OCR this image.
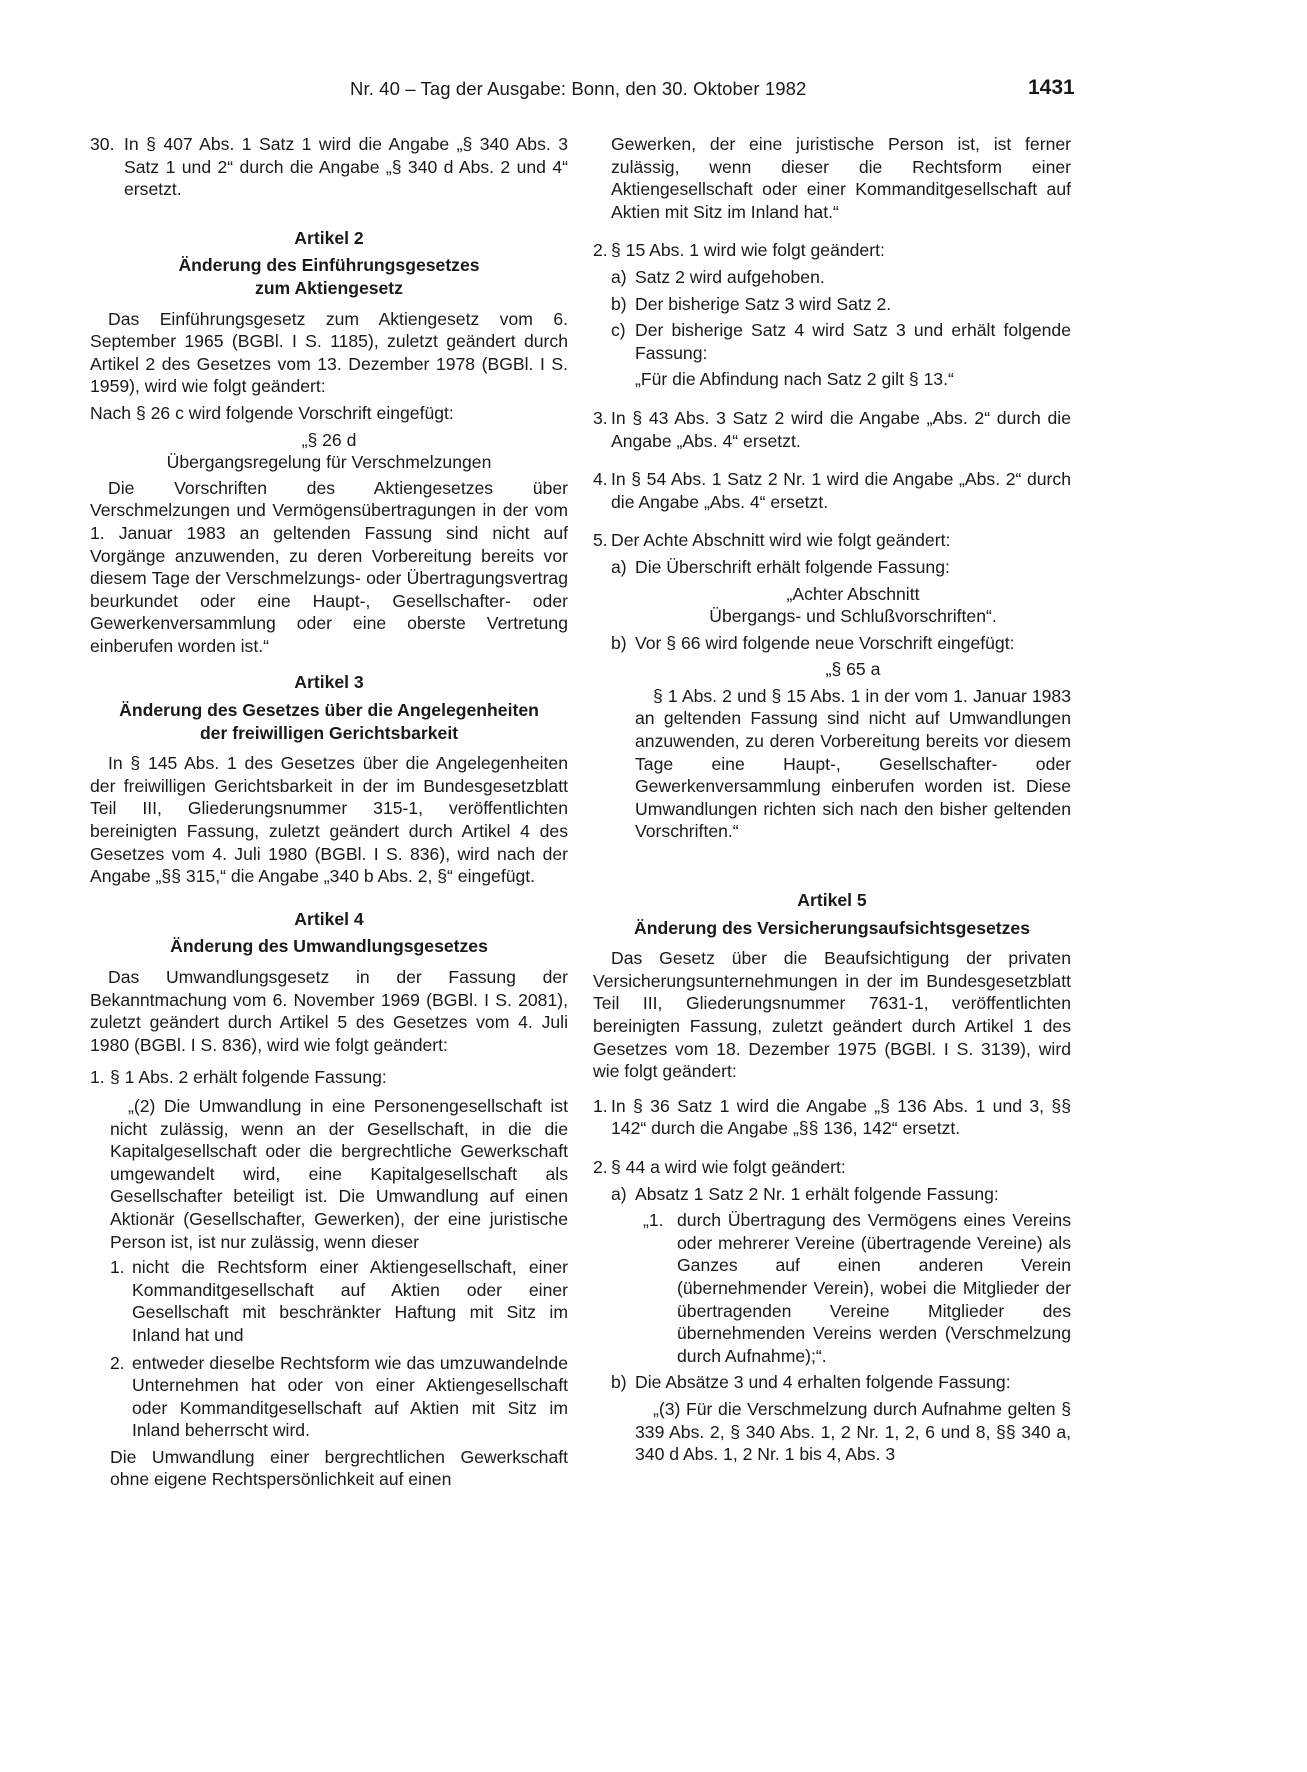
Nr. 40 – Tag der Ausgabe: Bonn, den 30. Oktober 1982	1431
30. In § 407 Abs. 1 Satz 1 wird die Angabe „§ 340 Abs. 3 Satz 1 und 2“ durch die Angabe „§ 340 d Abs. 2 und 4“ ersetzt.

Artikel 2

Änderung des Einführungsgesetzes

zum Aktiengesetz

Das Einführungsgesetz zum Aktiengesetz vom 6. September 1965 (BGBl. I S. 1185), zuletzt geändert durch Artikel 2 des Gesetzes vom 13. Dezember 1978 (BGBl. I S. 1959), wird wie folgt geändert:

Nach § 26 c wird folgende Vorschrift eingefügt:

„§ 26 d

Übergangsregelung für Verschmelzungen

Die Vorschriften des Aktiengesetzes über Verschmelzungen und Vermögensübertragungen in der vom 1. Januar 1983 an geltenden Fassung sind nicht auf Vorgänge anzuwenden, zu deren Vorbereitung bereits vor diesem Tage der Verschmelzungs- oder Übertragungsvertrag beurkundet oder eine Haupt-, Gesellschafter- oder Gewerkenversammlung oder eine oberste Vertretung einberufen worden ist.“

Artikel 3

Änderung des Gesetzes über die Angelegenheiten

der freiwilligen Gerichtsbarkeit

In § 145 Abs. 1 des Gesetzes über die Angelegenheiten der freiwilligen Gerichtsbarkeit in der im Bundesgesetzblatt Teil III, Gliederungsnummer 315-1, veröffentlichten bereinigten Fassung, zuletzt geändert durch Artikel 4 des Gesetzes vom 4. Juli 1980 (BGBl. I S. 836), wird nach der Angabe „§§ 315,“ die Angabe „340 b Abs. 2, §“ eingefügt.

Artikel 4

Änderung des Umwandlungsgesetzes

Das Umwandlungsgesetz in der Fassung der Bekanntmachung vom 6. November 1969 (BGBl. I S. 2081), zuletzt geändert durch Artikel 5 des Gesetzes vom 4. Juli 1980 (BGBl. I S. 836), wird wie folgt geändert:

1. § 1 Abs. 2 erhält folgende Fassung:

„(2) Die Umwandlung in eine Personengesellschaft ist nicht zulässig, wenn an der Gesellschaft, in die die Kapitalgesellschaft oder die bergrechtliche Gewerkschaft umgewandelt wird, eine Kapitalgesellschaft als Gesellschafter beteiligt ist. Die Umwandlung auf einen Aktionär (Gesellschafter, Gewerken), der eine juristische Person ist, ist nur zulässig, wenn dieser

1. nicht die Rechtsform einer Aktiengesellschaft, einer Kommanditgesellschaft auf Aktien oder einer Gesellschaft mit beschränkter Haftung mit Sitz im Inland hat und

2. entweder dieselbe Rechtsform wie das umzuwandelnde Unternehmen hat oder von einer Aktiengesellschaft oder Kommanditgesellschaft auf Aktien mit Sitz im Inland beherrscht wird.

Die Umwandlung einer bergrechtlichen Gewerkschaft ohne eigene Rechtspersönlichkeit auf einen

Gewerken, der eine juristische Person ist, ist ferner zulässig, wenn dieser die Rechtsform einer Aktiengesellschaft oder einer Kommanditgesellschaft auf Aktien mit Sitz im Inland hat.“

2. § 15 Abs. 1 wird wie folgt geändert:

a) Satz 2 wird aufgehoben.

b) Der bisherige Satz 3 wird Satz 2.

c) Der bisherige Satz 4 wird Satz 3 und erhält folgende Fassung:

„Für die Abfindung nach Satz 2 gilt § 13.“

3. In § 43 Abs. 3 Satz 2 wird die Angabe „Abs. 2“ durch die Angabe „Abs. 4“ ersetzt.

4. In § 54 Abs. 1 Satz 2 Nr. 1 wird die Angabe „Abs. 2“ durch die Angabe „Abs. 4“ ersetzt.

5. Der Achte Abschnitt wird wie folgt geändert:

a) Die Überschrift erhält folgende Fassung:

„Achter Abschnitt

Übergangs- und Schlußvorschriften“.

b) Vor § 66 wird folgende neue Vorschrift eingefügt:

„§ 65 a

§ 1 Abs. 2 und § 15 Abs. 1 in der vom 1. Januar 1983 an geltenden Fassung sind nicht auf Umwandlungen anzuwenden, zu deren Vorbereitung bereits vor diesem Tage eine Haupt-, Gesellschafter- oder Gewerkenversammlung einberufen worden ist. Diese Umwandlungen richten sich nach den bisher geltenden Vorschriften.“

Artikel 5

Änderung des Versicherungsaufsichtsgesetzes

Das Gesetz über die Beaufsichtigung der privaten Versicherungsunternehmungen in der im Bundesgesetzblatt Teil III, Gliederungsnummer 7631-1, veröffentlichten bereinigten Fassung, zuletzt geändert durch Artikel 1 des Gesetzes vom 18. Dezember 1975 (BGBl. I S. 3139), wird wie folgt geändert:

1. In § 36 Satz 1 wird die Angabe „§ 136 Abs. 1 und 3, §§ 142“ durch die Angabe „§§ 136, 142“ ersetzt.

2. § 44 a wird wie folgt geändert:

a) Absatz 1 Satz 2 Nr. 1 erhält folgende Fassung:

„1. durch Übertragung des Vermögens eines Vereins oder mehrerer Vereine (übertragende Vereine) als Ganzes auf einen anderen Verein (übernehmender Verein), wobei die Mitglieder der übertragenden Vereine Mitglieder des übernehmenden Vereins werden (Verschmelzung durch Aufnahme);“.

b) Die Absätze 3 und 4 erhalten folgende Fassung:

„(3) Für die Verschmelzung durch Aufnahme gelten § 339 Abs. 2, § 340 Abs. 1, 2 Nr. 1, 2, 6 und 8, §§ 340 a, 340 d Abs. 1, 2 Nr. 1 bis 4, Abs. 3
